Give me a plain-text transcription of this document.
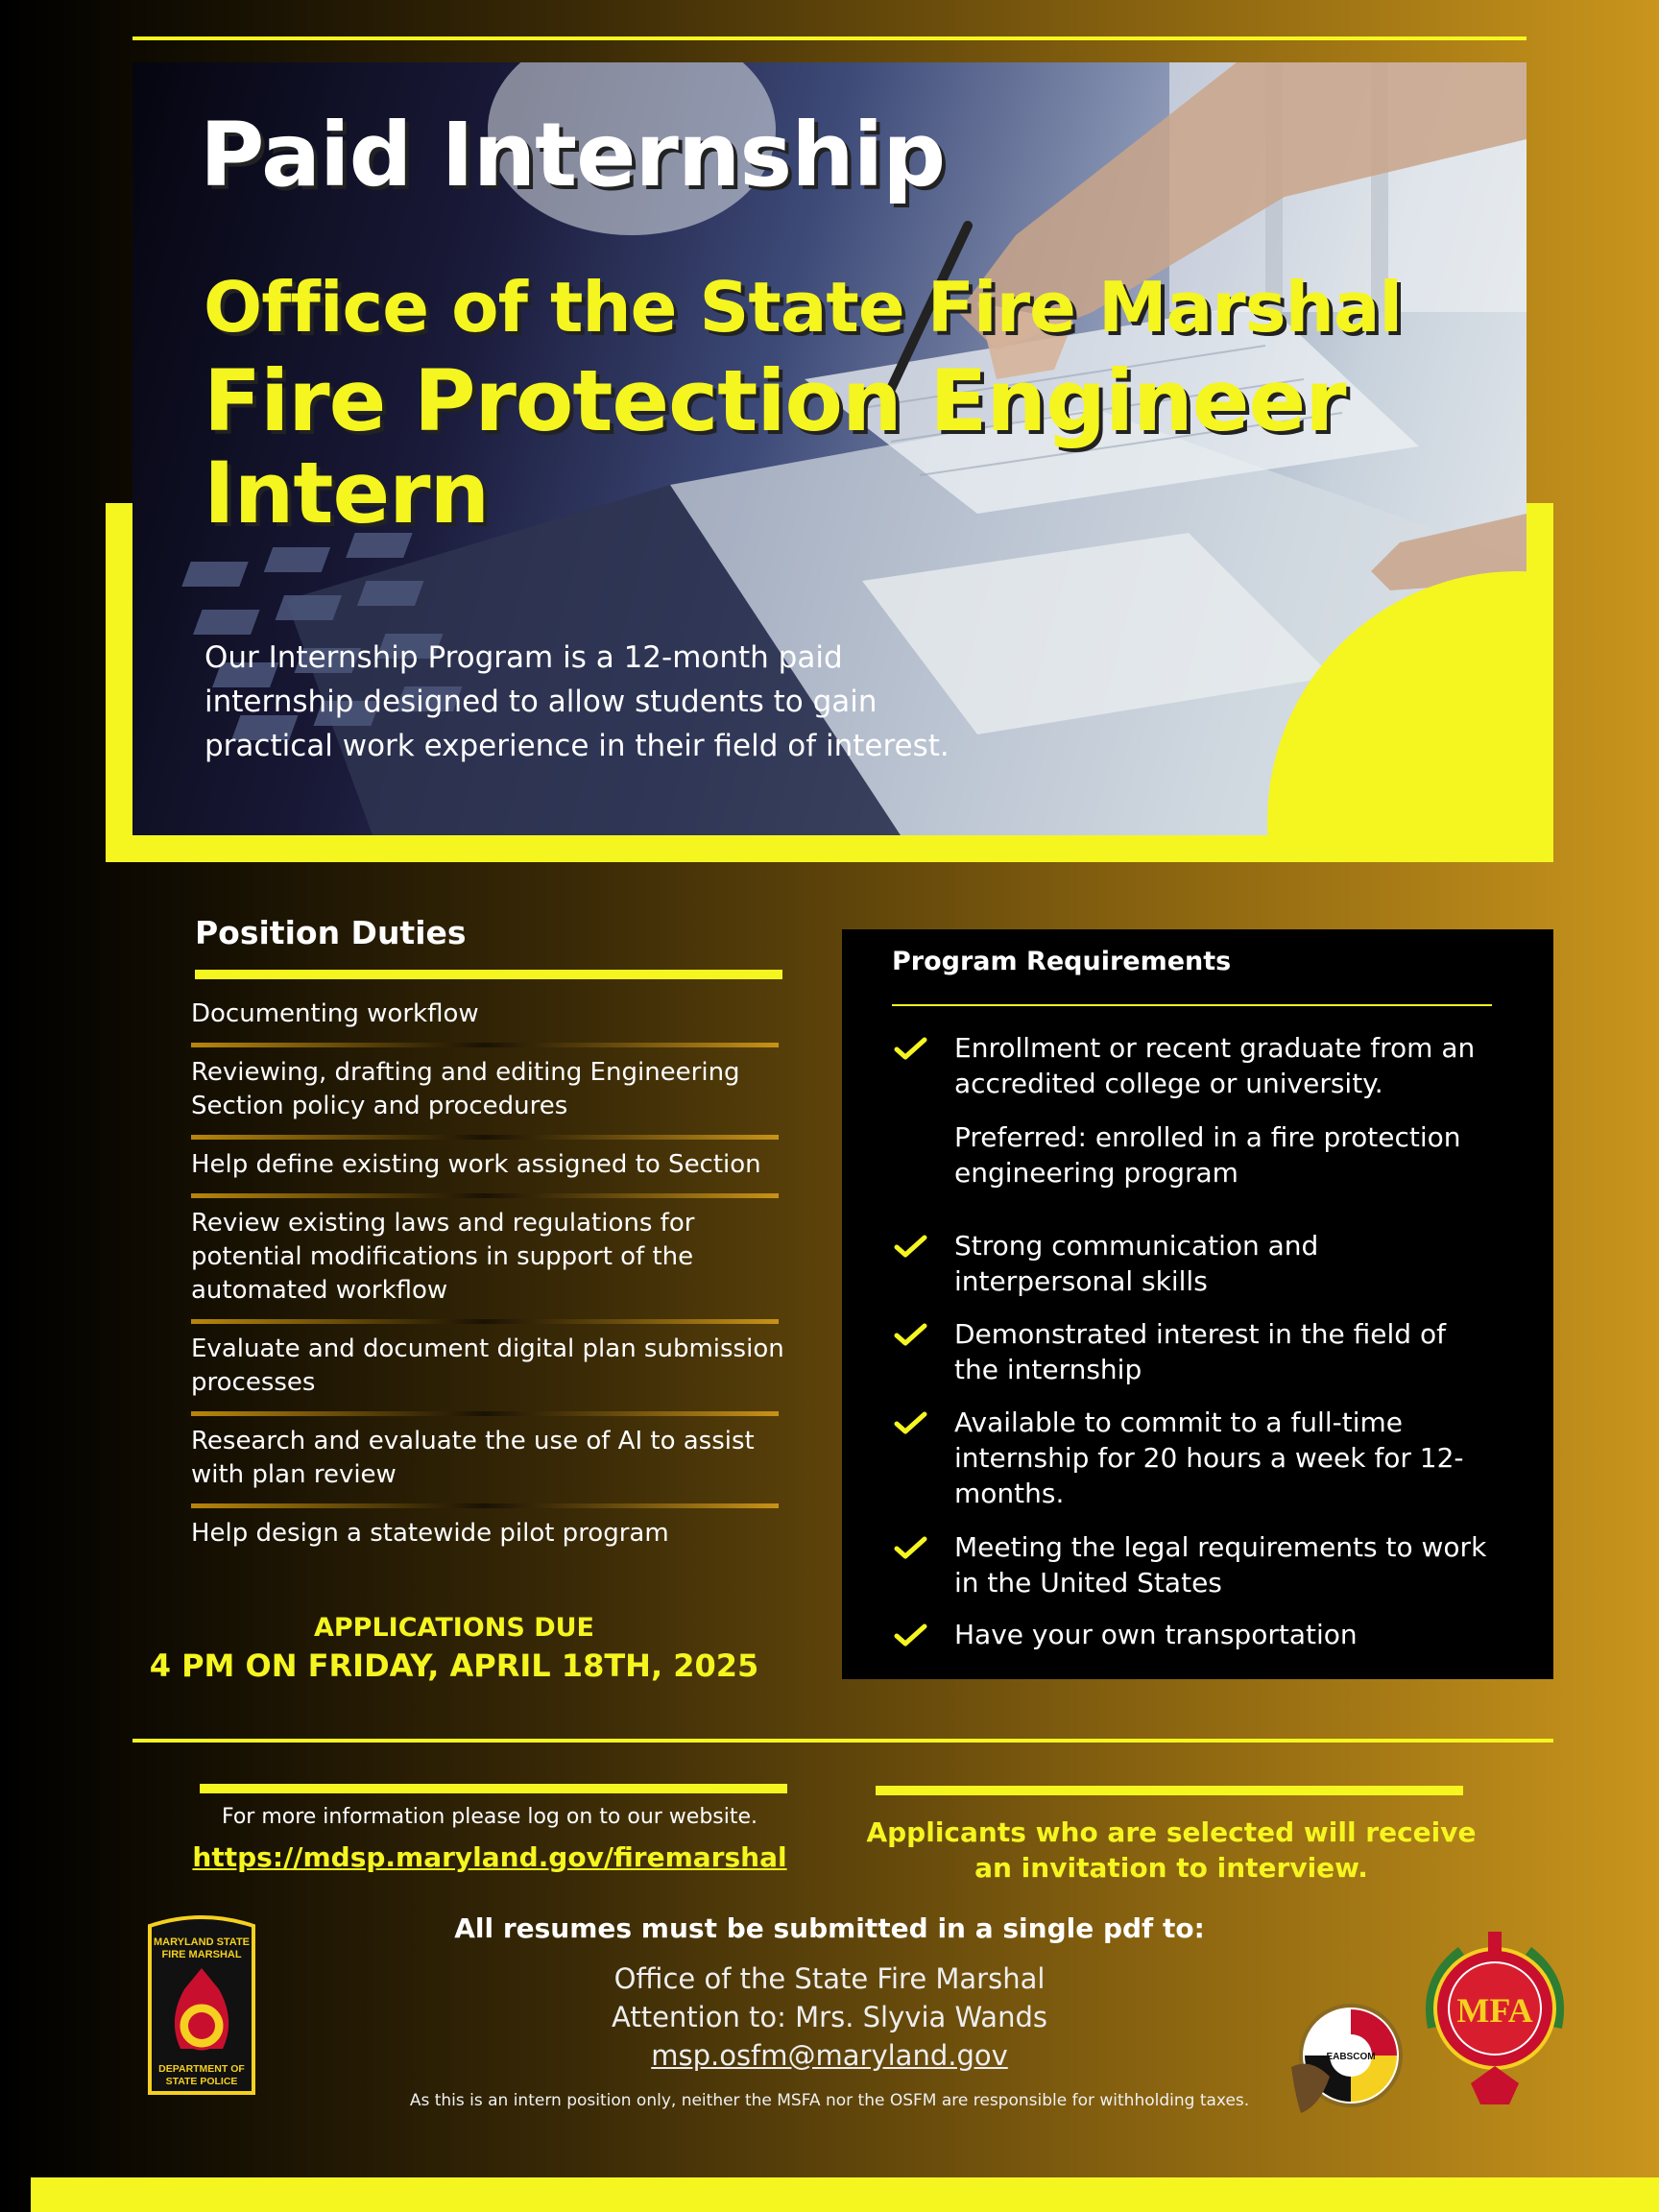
Paid Internship
Office of the State Fire Marshal
Fire Protection Engineer Intern
Our Internship Program is a 12-month paid internship designed to allow students to gain practical work experience in their field of interest.
Position Duties
Documenting workflow
Reviewing, drafting and editing Engineering Section policy and procedures
Help define existing work assigned to Section
Review existing laws and regulations for potential modifications in support of the automated workflow
Evaluate and document digital plan submission processes
Research and evaluate the use of AI to assist with plan review
Help design a statewide pilot program
APPLICATIONS DUE
4 PM ON FRIDAY, APRIL 18TH, 2025
Program Requirements
Enrollment or recent graduate from an accredited college or university.
Preferred: enrolled in a fire protection engineering program
Strong communication and interpersonal skills
Demonstrated interest in the field of the internship
Available to commit to a full-time internship for 20 hours a week for 12-months.
Meeting the legal requirements to work in the United States
Have your own transportation
For more information please log on to our website.
https://mdsp.maryland.gov/firemarshal
Applicants who are selected will receive an invitation to interview.
All resumes must be submitted in a single pdf to:
Office of the State Fire Marshal
Attention to: Mrs. Slyvia Wands
msp.osfm@maryland.gov
As this is an intern position only, neither the MSFA nor the OSFM are responsible for withholding taxes.
MARYLAND STATE
FIRE MARSHAL
DEPARTMENT OF
STATE POLICE
EABSCOM
MFA
